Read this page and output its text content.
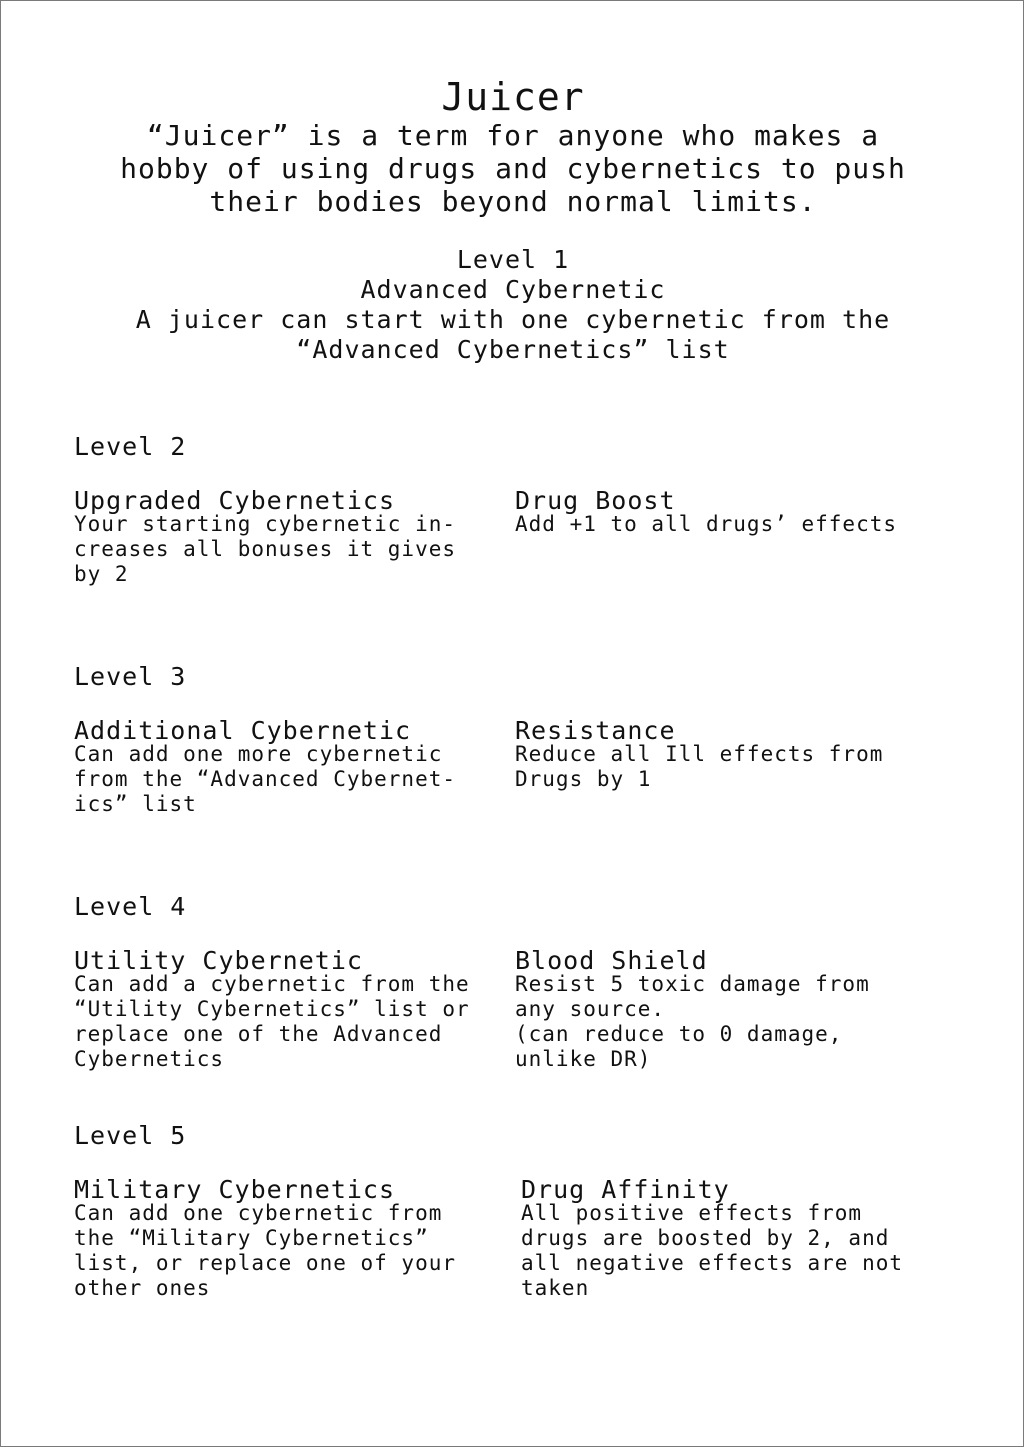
Juicer
“Juicer” is a term for anyone who makes a
hobby of using drugs and cybernetics to push
their bodies beyond normal limits.
Level 1
Advanced Cybernetic
A juicer can start with one cybernetic from the
“Advanced Cybernetics” list
Level 2
Upgraded Cybernetics
Your starting cybernetic in-
creases all bonuses it gives
by 2
Drug Boost
Add +1 to all drugs’ effects
Level 3
Additional Cybernetic
Can add one more cybernetic
from the “Advanced Cybernet-
ics” list
Resistance
Reduce all Ill effects from
Drugs by 1
Level 4
Utility Cybernetic
Can add a cybernetic from the
“Utility Cybernetics” list or
replace one of the Advanced
Cybernetics
Blood Shield
Resist 5 toxic damage from
any source.
(can reduce to 0 damage,
unlike DR)
Level 5
Military Cybernetics
Can add one cybernetic from
the “Military Cybernetics”
list, or replace one of your
other ones
Drug Affinity
All positive effects from
drugs are boosted by 2, and
all negative effects are not
taken
